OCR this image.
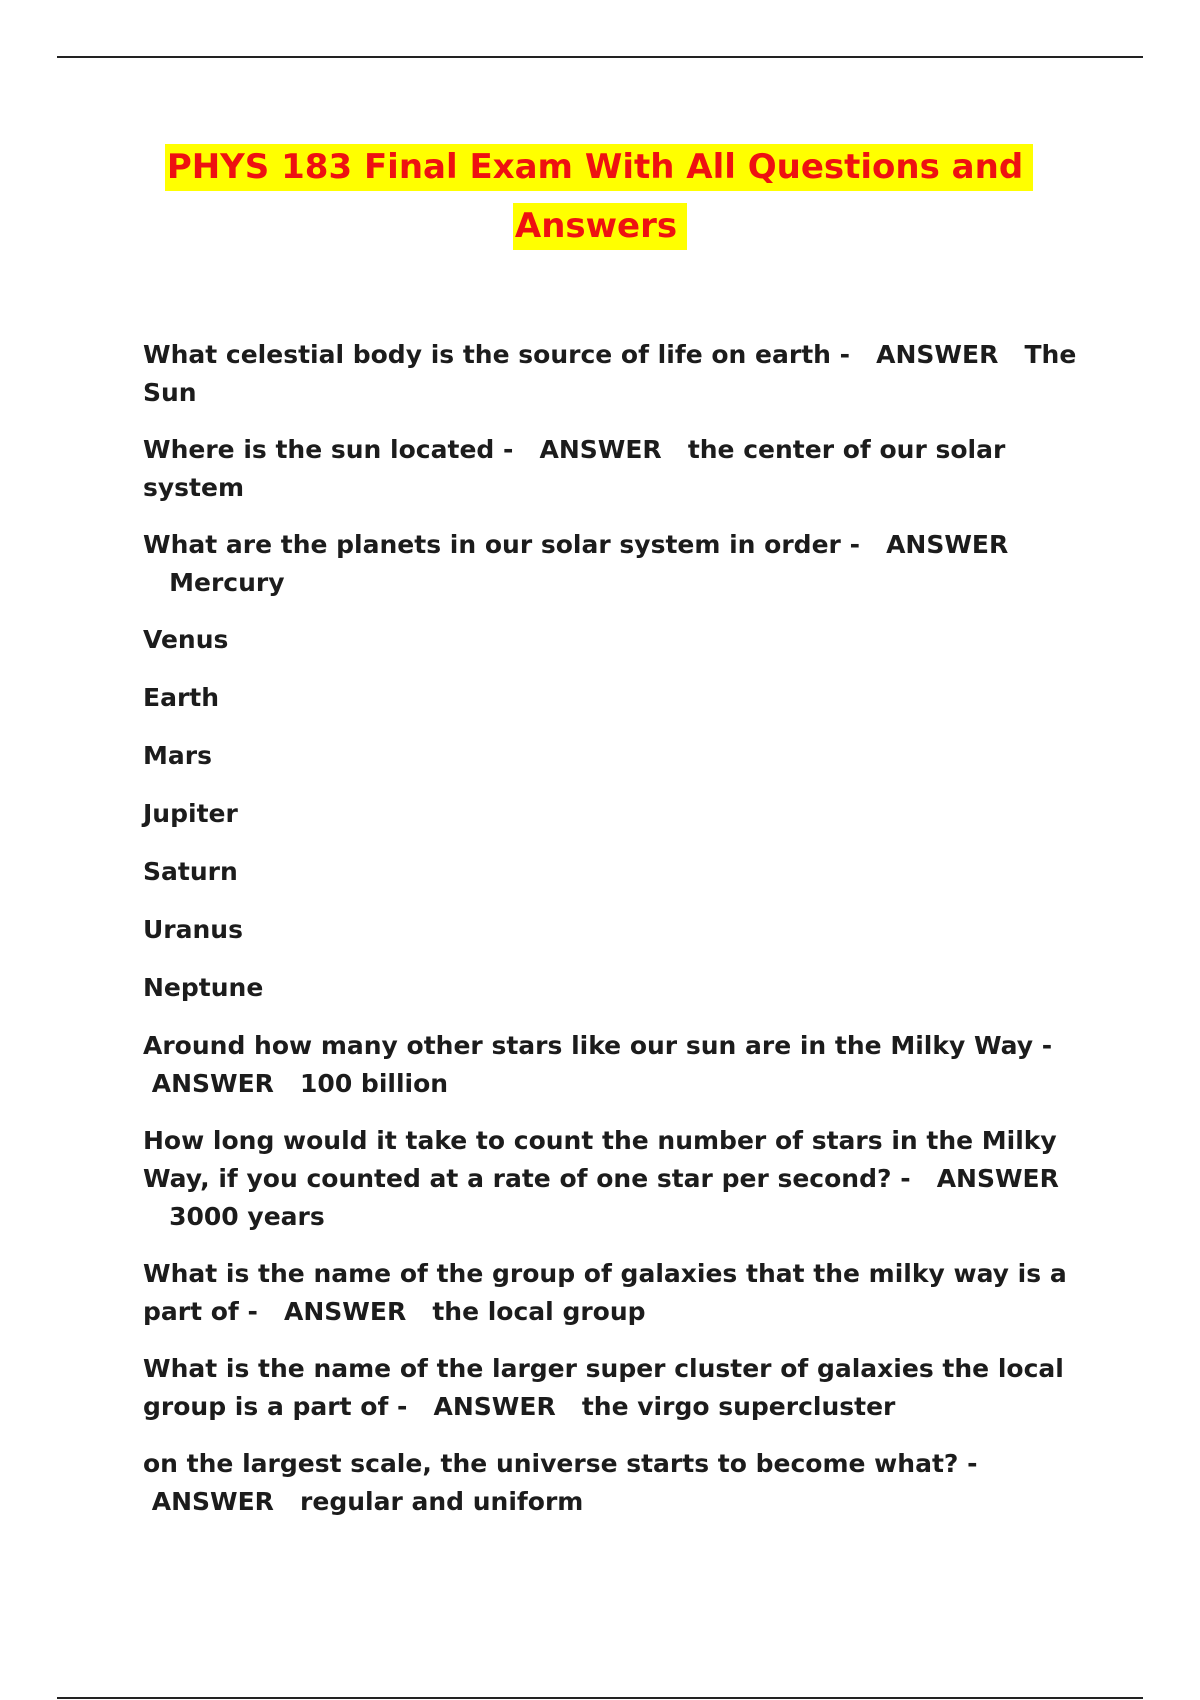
PHYS 183 Final Exam With All Questions and Answers

What celestial body is the source of life on earth - ANSWER The Sun

Where is the sun located - ANSWER the center of our solar system

What are the planets in our solar system in order - ANSWER   Mercury

Venus

Earth

Mars

Jupiter

Saturn

Uranus

Neptune

Around how many other stars like our sun are in the Milky Way - ANSWER 100 billion

How long would it take to count the number of stars in the Milky Way, if you counted at a rate of one star per second? - ANSWER   3000 years

What is the name of the group of galaxies that the milky way is a part of - ANSWER the local group

What is the name of the larger super cluster of galaxies the local group is a part of - ANSWER the virgo supercluster

on the largest scale, the universe starts to become what? - ANSWER regular and uniform
